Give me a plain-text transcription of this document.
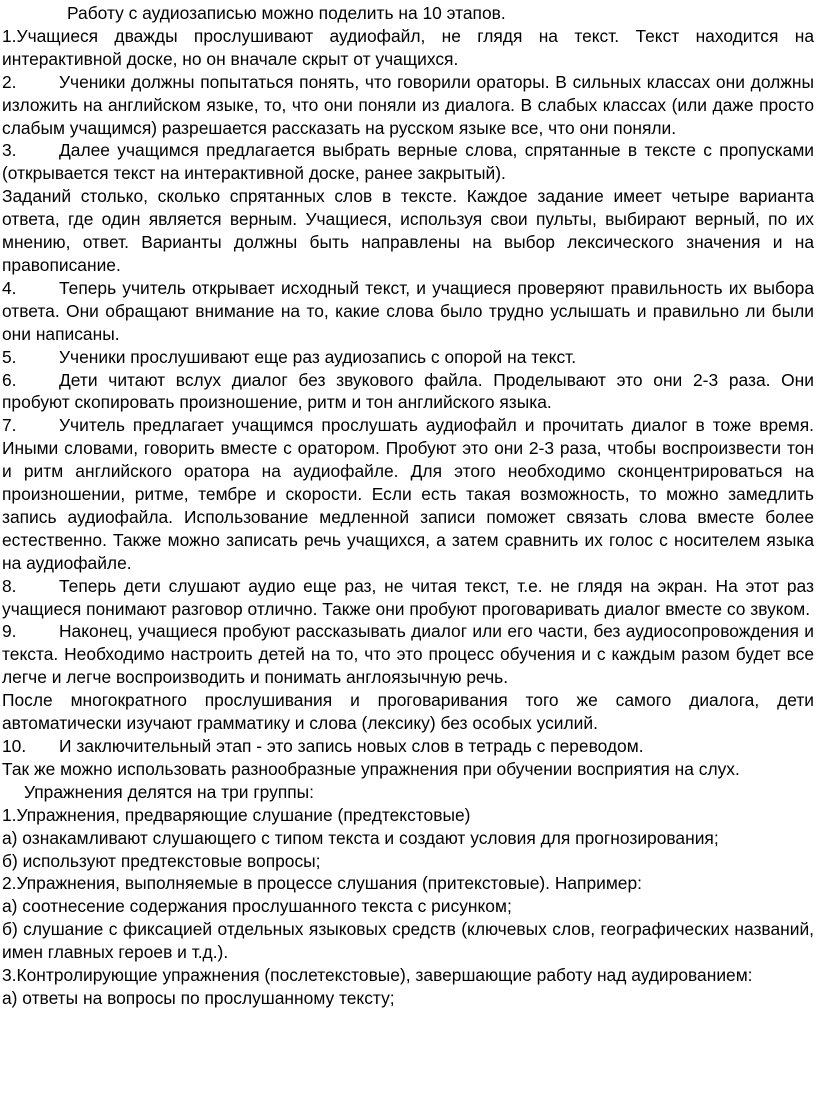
Работу с аудиозаписью можно поделить на 10 этапов.

1.Учащиеся дважды прослушивают аудиофайл, не глядя на текст. Текст находится на интерактивной доске, но он вначале скрыт от учащихся.

2. Ученики должны попытаться понять, что говорили ораторы. В сильных классах они должны изложить на английском языке, то, что они поняли из диалога. В слабых классах (или даже просто слабым учащимся) разрешается рассказать на русском языке все, что они поняли.

3. Далее учащимся предлагается выбрать верные слова, спрятанные в тексте с пропусками (открывается текст на интерактивной доске, ранее закрытый).

Заданий столько, сколько спрятанных слов в тексте. Каждое задание имеет четыре варианта ответа, где один является верным. Учащиеся, используя свои пульты, выбирают верный, по их мнению, ответ. Варианты должны быть направлены на выбор лексического значения и на правописание.

4. Теперь учитель открывает исходный текст, и учащиеся проверяют правильность их выбора ответа. Они обращают внимание на то, какие слова было трудно услышать и правильно ли были они написаны.

5. Ученики прослушивают еще раз аудиозапись с опорой на текст.

6. Дети читают вслух диалог без звукового файла. Проделывают это они 2-3 раза. Они пробуют скопировать произношение, ритм и тон английского языка.

7. Учитель предлагает учащимся прослушать аудиофайл и прочитать диалог в тоже время. Иными словами, говорить вместе с оратором. Пробуют это они 2-3 раза, чтобы воспроизвести тон и ритм английского оратора на аудиофайле. Для этого необходимо сконцентрироваться на произношении, ритме, тембре и скорости. Если есть такая возможность, то можно замедлить запись аудиофайла. Использование медленной записи поможет связать слова вместе более естественно. Также можно записать речь учащихся, а затем сравнить их голос с носителем языка на аудиофайле.

8. Теперь дети слушают аудио еще раз, не читая текст, т.е. не глядя на экран. На этот раз учащиеся понимают разговор отлично. Также они пробуют проговаривать диалог вместе со звуком.

9. Наконец, учащиеся пробуют рассказывать диалог или его части, без аудиосопровождения и текста. Необходимо настроить детей на то, что это процесс обучения и с каждым разом будет все легче и легче воспроизводить и понимать англоязычную речь.

После многократного прослушивания и проговаривания того же самого диалога, дети автоматически изучают грамматику и слова (лексику) без особых усилий.

10. И заключительный этап - это запись новых слов в тетрадь с переводом.

Так же можно использовать разнообразные упражнения при обучении восприятия на слух.

Упражнения делятся на три группы:

1.Упражнения, предваряющие слушание (предтекстовые)

а) ознакамливают слушающего с типом текста и создают условия для прогнозирования;

б) используют предтекстовые вопросы;

2.Упражнения, выполняемые в процессе слушания (притекстовые). Например:

а) соотнесение содержания прослушанного текста с рисунком;

б) слушание с фиксацией отдельных языковых средств (ключевых слов, географических названий, имен главных героев и т.д.).

3.Контролирующие упражнения (послетекстовые), завершающие работу над аудированием:

а) ответы на вопросы по прослушанному тексту;
